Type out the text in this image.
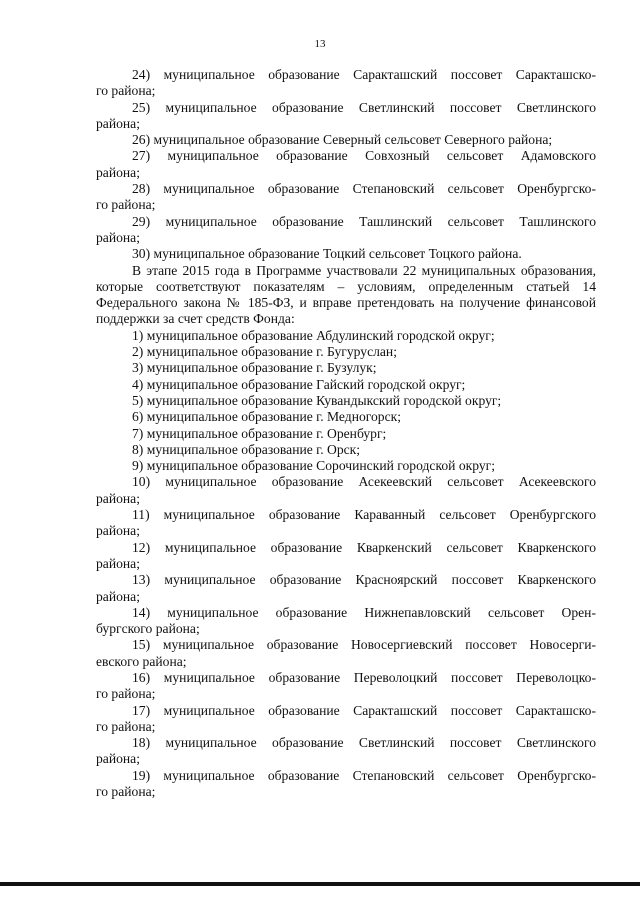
13
24) муниципальное образование Саракташский поссовет Саракташско-
го района;
25) муниципальное образование Светлинский поссовет Светлинского
района;
26) муниципальное образование Северный сельсовет Северного района;
27) муниципальное образование Совхозный сельсовет Адамовского
района;
28) муниципальное образование Степановский сельсовет Оренбургско-
го района;
29) муниципальное образование Ташлинский сельсовет Ташлинского
района;
30) муниципальное образование Тоцкий сельсовет Тоцкого района.

В этапе 2015 года в Программе участвовали 22 муниципальных образования, которые соответствуют показателям – условиям, определенным статьей 14 Федерального закона № 185-ФЗ, и вправе претендовать на получение финансовой поддержки за счет средств Фонда:

1) муниципальное образование Абдулинский городской округ;
2) муниципальное образование г. Бугуруслан;
3) муниципальное образование г. Бузулук;
4) муниципальное образование Гайский городской округ;
5) муниципальное образование Кувандыкский городской округ;
6) муниципальное образование г. Медногорск;
7) муниципальное образование г. Оренбург;
8) муниципальное образование г. Орск;
9) муниципальное образование Сорочинский городской округ;
10) муниципальное образование Асекеевский сельсовет Асекеевского
района;
11) муниципальное образование Караванный сельсовет Оренбургского
района;
12) муниципальное образование Кваркенский сельсовет Кваркенского
района;
13) муниципальное образование Красноярский поссовет Кваркенского
района;
14) муниципальное образование Нижнепавловский сельсовет Орен-
бургского района;
15) муниципальное образование Новосергиевский поссовет Новосерги-
евского района;
16) муниципальное образование Переволоцкий поссовет Переволоцко-
го района;
17) муниципальное образование Саракташский поссовет Саракташско-
го района;
18) муниципальное образование Светлинский поссовет Светлинского
района;
19) муниципальное образование Степановский сельсовет Оренбургско-
го района;
